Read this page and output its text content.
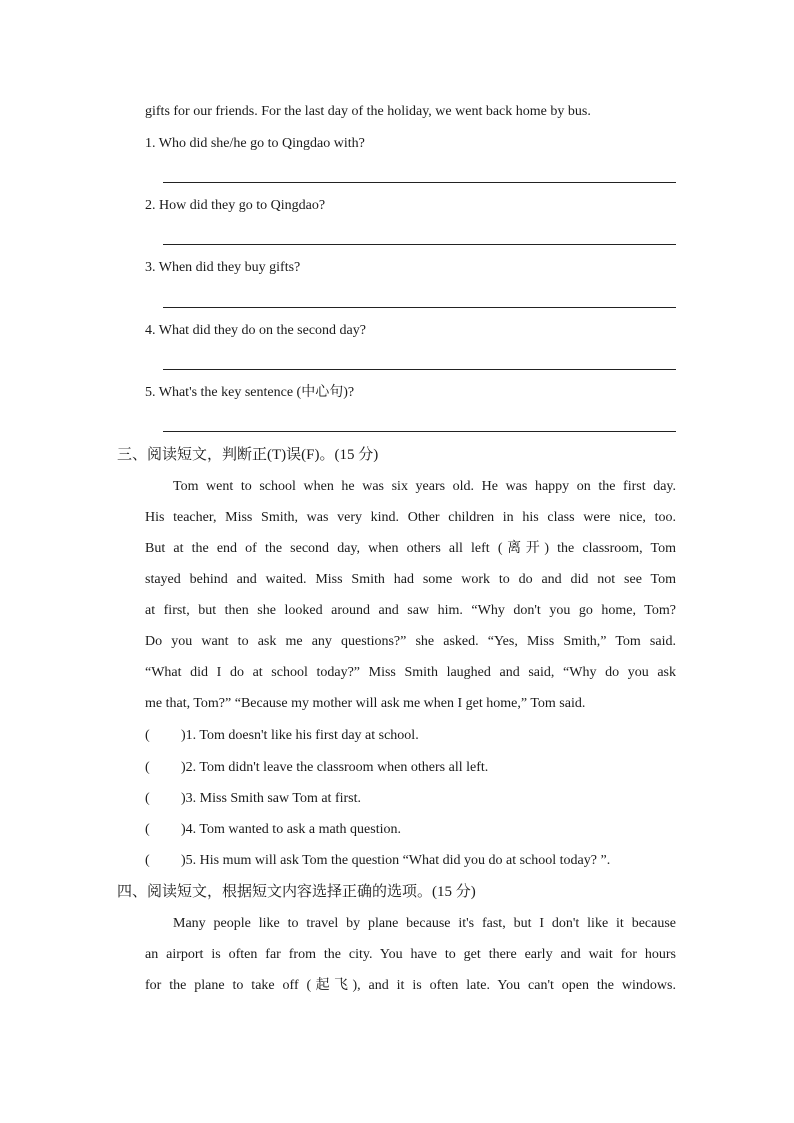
gifts for our friends. For the last day of the holiday, we went back home by bus.
1. Who did she/he go to Qingdao with?
2. How did they go to Qingdao?
3. When did they buy gifts?
4. What did they do on the second day?
5. What's the key sentence (中心句)?
三、阅读短文，判断正(T)误(F)。(15 分)
Tom went to school when he was six years old. He was happy on the first day.
His teacher, Miss Smith, was very kind. Other children in his class were nice, too.
But at the end of the second day, when others all left (离开) the classroom, Tom
stayed behind and waited. Miss Smith had some work to do and did not see Tom
at first, but then she looked around and saw him. “Why don't you go home, Tom?
Do you want to ask me any questions?” she asked. “Yes, Miss Smith,” Tom said.
“What did I do at school today?” Miss Smith laughed and said, “Why do you ask
me that, Tom?” “Because my mother will ask me when I get home,” Tom said.
( )1. Tom doesn't like his first day at school.
( )2. Tom didn't leave the classroom when others all left.
( )3. Miss Smith saw Tom at first.
( )4. Tom wanted to ask a math question.
( )5. His mum will ask Tom the question “What did you do at school today? ”.
四、阅读短文，根据短文内容选择正确的选项。(15 分)
Many people like to travel by plane because it's fast, but I don't like it because
an airport is often far from the city. You have to get there early and wait for hours
for the plane to take off (起飞), and it is often late. You can't open the windows.
